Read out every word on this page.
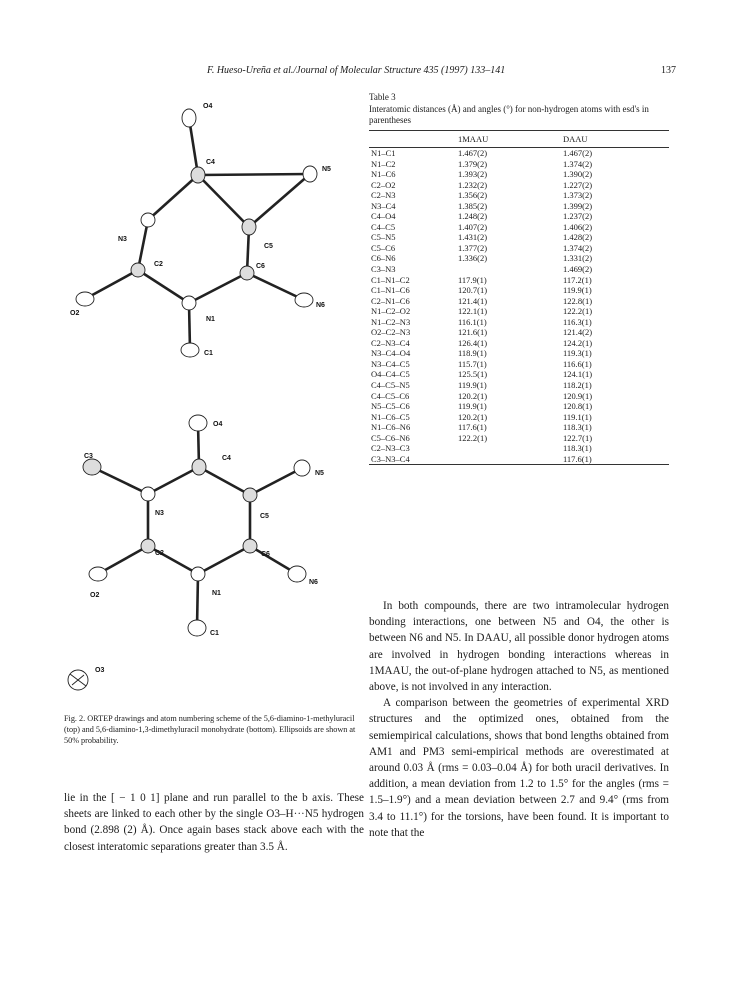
F. Hueso-Ureña et al./Journal of Molecular Structure 435 (1997) 133–141	137
O4
C4
N5
N3
C5
C2	C6
O2
N1
N6
C1
O4
C3	C4
N5
N3	C5
C2	C6
O2	N1
N6
C1
O3
Fig. 2. ORTEP drawings and atom numbering scheme of the 5,6-diamino-1-methyluracil (top) and 5,6-diamino-1,3-dimethyluracil monohydrate (bottom). Ellipsoids are shown at 50% probability.

lie in the [ − 1 0 1] plane and run parallel to the b axis. These sheets are linked to each other by the single O3–H···N5 hydrogen bond (2.898 (2) Å). Once again bases stack above each with the closest interatomic separations greater than 3.5 Å.

Table 3
Interatomic distances (Å) and angles (°) for non-hydrogen atoms with esd's in parentheses
	1MAAU	DAAU
N1–C1	1.467(2)	1.467(2)
N1–C2	1.379(2)	1.374(2)
N1–C6	1.393(2)	1.390(2)
C2–O2	1.232(2)	1.227(2)
C2–N3	1.356(2)	1.373(2)
N3–C4	1.385(2)	1.399(2)
C4–O4	1.248(2)	1.237(2)
C4–C5	1.407(2)	1.406(2)
C5–N5	1.431(2)	1.428(2)
C5–C6	1.377(2)	1.374(2)
C6–N6	1.336(2)	1.331(2)
C3–N3		1.469(2)
C1–N1–C2	117.9(1)	117.2(1)
C1–N1–C6	120.7(1)	119.9(1)
C2–N1–C6	121.4(1)	122.8(1)
N1–C2–O2	122.1(1)	122.2(1)
N1–C2–N3	116.1(1)	116.3(1)
O2–C2–N3	121.6(1)	121.4(2)
C2–N3–C4	126.4(1)	124.2(1)
N3–C4–O4	118.9(1)	119.3(1)
N3–C4–C5	115.7(1)	116.6(1)
O4–C4–C5	125.5(1)	124.1(1)
C4–C5–N5	119.9(1)	118.2(1)
C4–C5–C6	120.2(1)	120.9(1)
N5–C5–C6	119.9(1)	120.8(1)
N1–C6–C5	120.2(1)	119.1(1)
N1–C6–N6	117.6(1)	118.3(1)
C5–C6–N6	122.2(1)	122.7(1)
C2–N3–C3		118.3(1)
C3–N3–C4		117.6(1)

In both compounds, there are two intramolecular hydrogen bonding interactions, one between N5 and O4, the other is between N6 and N5. In DAAU, all possible donor hydrogen atoms are involved in hydrogen bonding interactions whereas in 1MAAU, the out-of-plane hydrogen attached to N5, as mentioned above, is not involved in any interaction.

A comparison between the geometries of experimental XRD structures and the optimized ones, obtained from the semiempirical calculations, shows that bond lengths obtained from AM1 and PM3 semi-empirical methods are overestimated at around 0.03 Å (rms = 0.03–0.04 Å) for both uracil derivatives. In addition, a mean deviation from 1.2 to 1.5° for the angles (rms = 1.5–1.9°) and a mean deviation between 2.7 and 9.4° (rms from 3.4 to 11.1°) for the torsions, have been found. It is important to note that the
